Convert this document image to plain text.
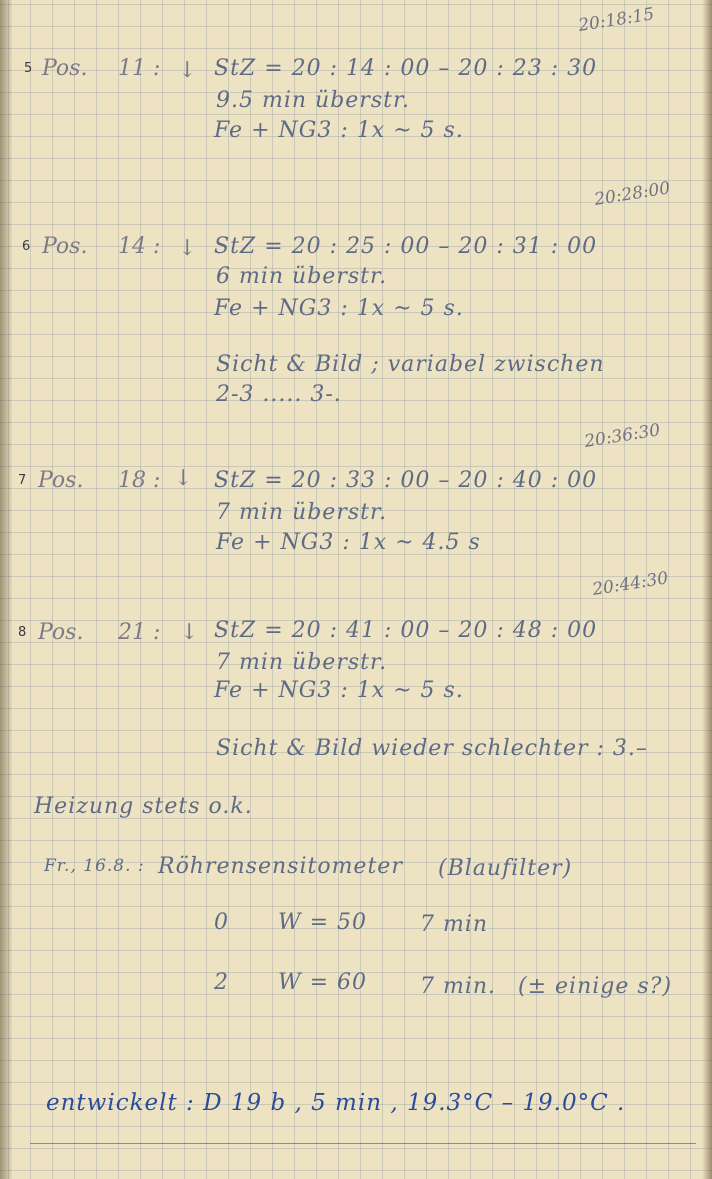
20:18:15
5 Pos. 11 : ↓ StZ = 20 : 14 : 00 – 20 : 23 : 30
9.5 min überstr.
Fe + NG3 : 1x ~ 5 s.
20:28:00
6 Pos. 14 : ↓ StZ = 20 : 25 : 00 – 20 : 31 : 00
6 min überstr.
Fe + NG3 : 1x ~ 5 s.
Sicht & Bild ; variabel zwischen
2-3 ..... 3-.
20:36:30
7 Pos. 18 : ↓ StZ = 20 : 33 : 00 – 20 : 40 : 00
7 min überstr.
Fe + NG3 : 1x ~ 4.5 s
20:44:30
8 Pos. 21 : ↓ StZ = 20 : 41 : 00 – 20 : 48 : 00
7 min überstr.
Fe + NG3 : 1x ~ 5 s.
Sicht & Bild wieder schlechter : 3.–
Heizung stets o.k.
Fr., 16.8. : Röhrensensitometer (Blaufilter)
0 W = 50 7 min
2 W = 60 7 min. (± einige s?)
entwickelt : D 19 b , 5 min , 19.3°C – 19.0°C .
